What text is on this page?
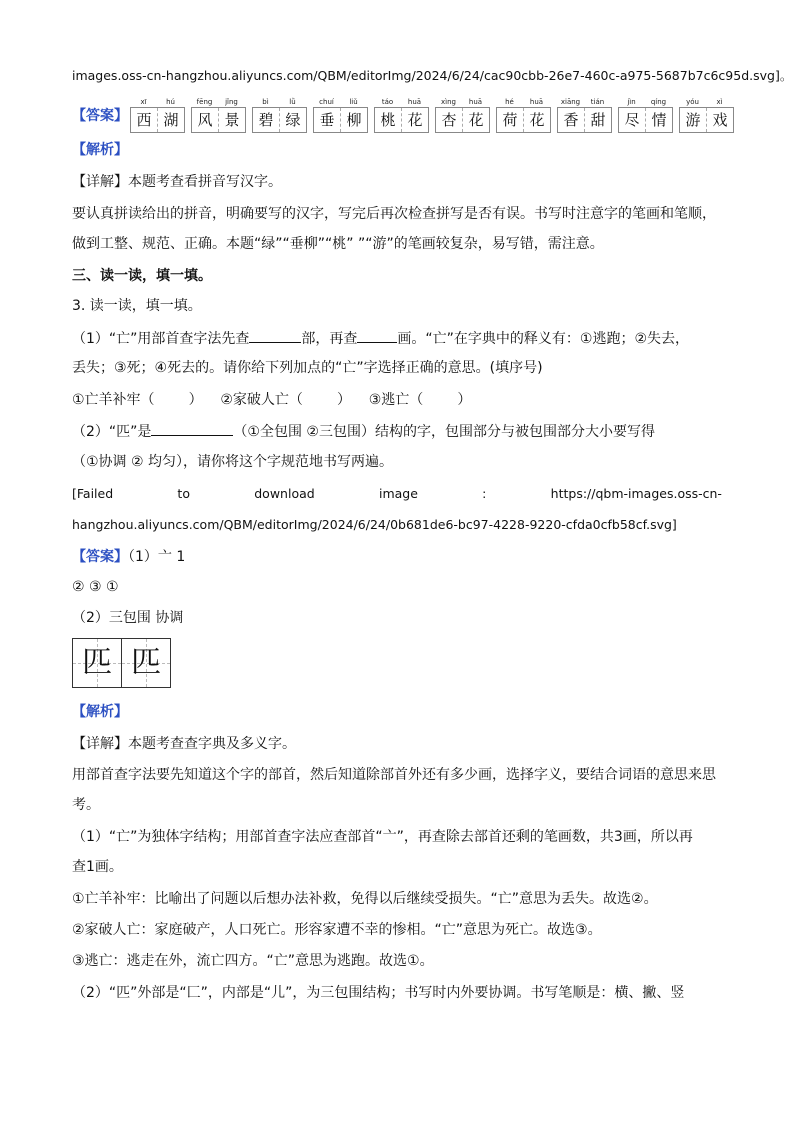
images.oss-cn-hangzhou.aliyuncs.com/QBM/editorImg/2024/6/24/cac90cbb-26e7-460c-a975-5687b7c6c95d.svg]。
【答案】
xī	hú
西 湖
fēng	jǐng
风 景
bì	lǜ
碧 绿
chuí	liǔ
垂 柳
táo	huā
桃 花
xìng	huā
杏 花
hé	huā
荷 花
xiāng	tián
香 甜
jìn	qíng
尽 情
yóu	xì
游 戏
【解析】
【详解】本题考查看拼音写汉字。
要认真拼读给出的拼音，明确要写的汉字，写完后再次检查拼写是否有误。书写时注意字的笔画和笔顺，
做到工整、规范、正确。本题“绿”“垂柳”“桃” ”“游”的笔画较复杂，易写错，需注意。
三、读一读，填一填。
3. 读一读，填一填。
（1）“亡”用部首查字法先查	部，再查	画。“亡”在字典中的释义有：①逃跑；②失去，
丢失；③死；④死去的。请你给下列加点的“亡”字选择正确的意思。(填序号)
①亡羊补牢（ ） ②家破人亡（ ） ③逃亡（ ）
（2）“匹”是	（①全包围 ②三包围）结构的字，包围部分与被包围部分大小要写得
（①协调 ② 均匀），请你将这个字规范地书写两遍。
[Failed	to	download	image	:	https://qbm-images.oss-cn-
hangzhou.aliyuncs.com/QBM/editorImg/2024/6/24/0b681de6-bc97-4228-9220-cfda0cfb58cf.svg]
【答案】（1）亠 1
② ③ ①
（2）三包围 协调
匹 匹
【解析】
【详解】本题考查查字典及多义字。
用部首查字法要先知道这个字的部首，然后知道除部首外还有多少画，选择字义，要结合词语的意思来思
考。
（1）“亡”为独体字结构；用部首查字法应查部首“亠”，再查除去部首还剩的笔画数，共3画，所以再
查1画。
①亡羊补牢：比喻出了问题以后想办法补救，免得以后继续受损失。“亡”意思为丢失。故选②。
②家破人亡：家庭破产，人口死亡。形容家遭不幸的惨相。“亡”意思为死亡。故选③。
③逃亡：逃走在外，流亡四方。“亡”意思为逃跑。故选①。
（2）“匹”外部是“匚”，内部是“儿”，为三包围结构；书写时内外要协调。书写笔顺是：横、撇、竖
